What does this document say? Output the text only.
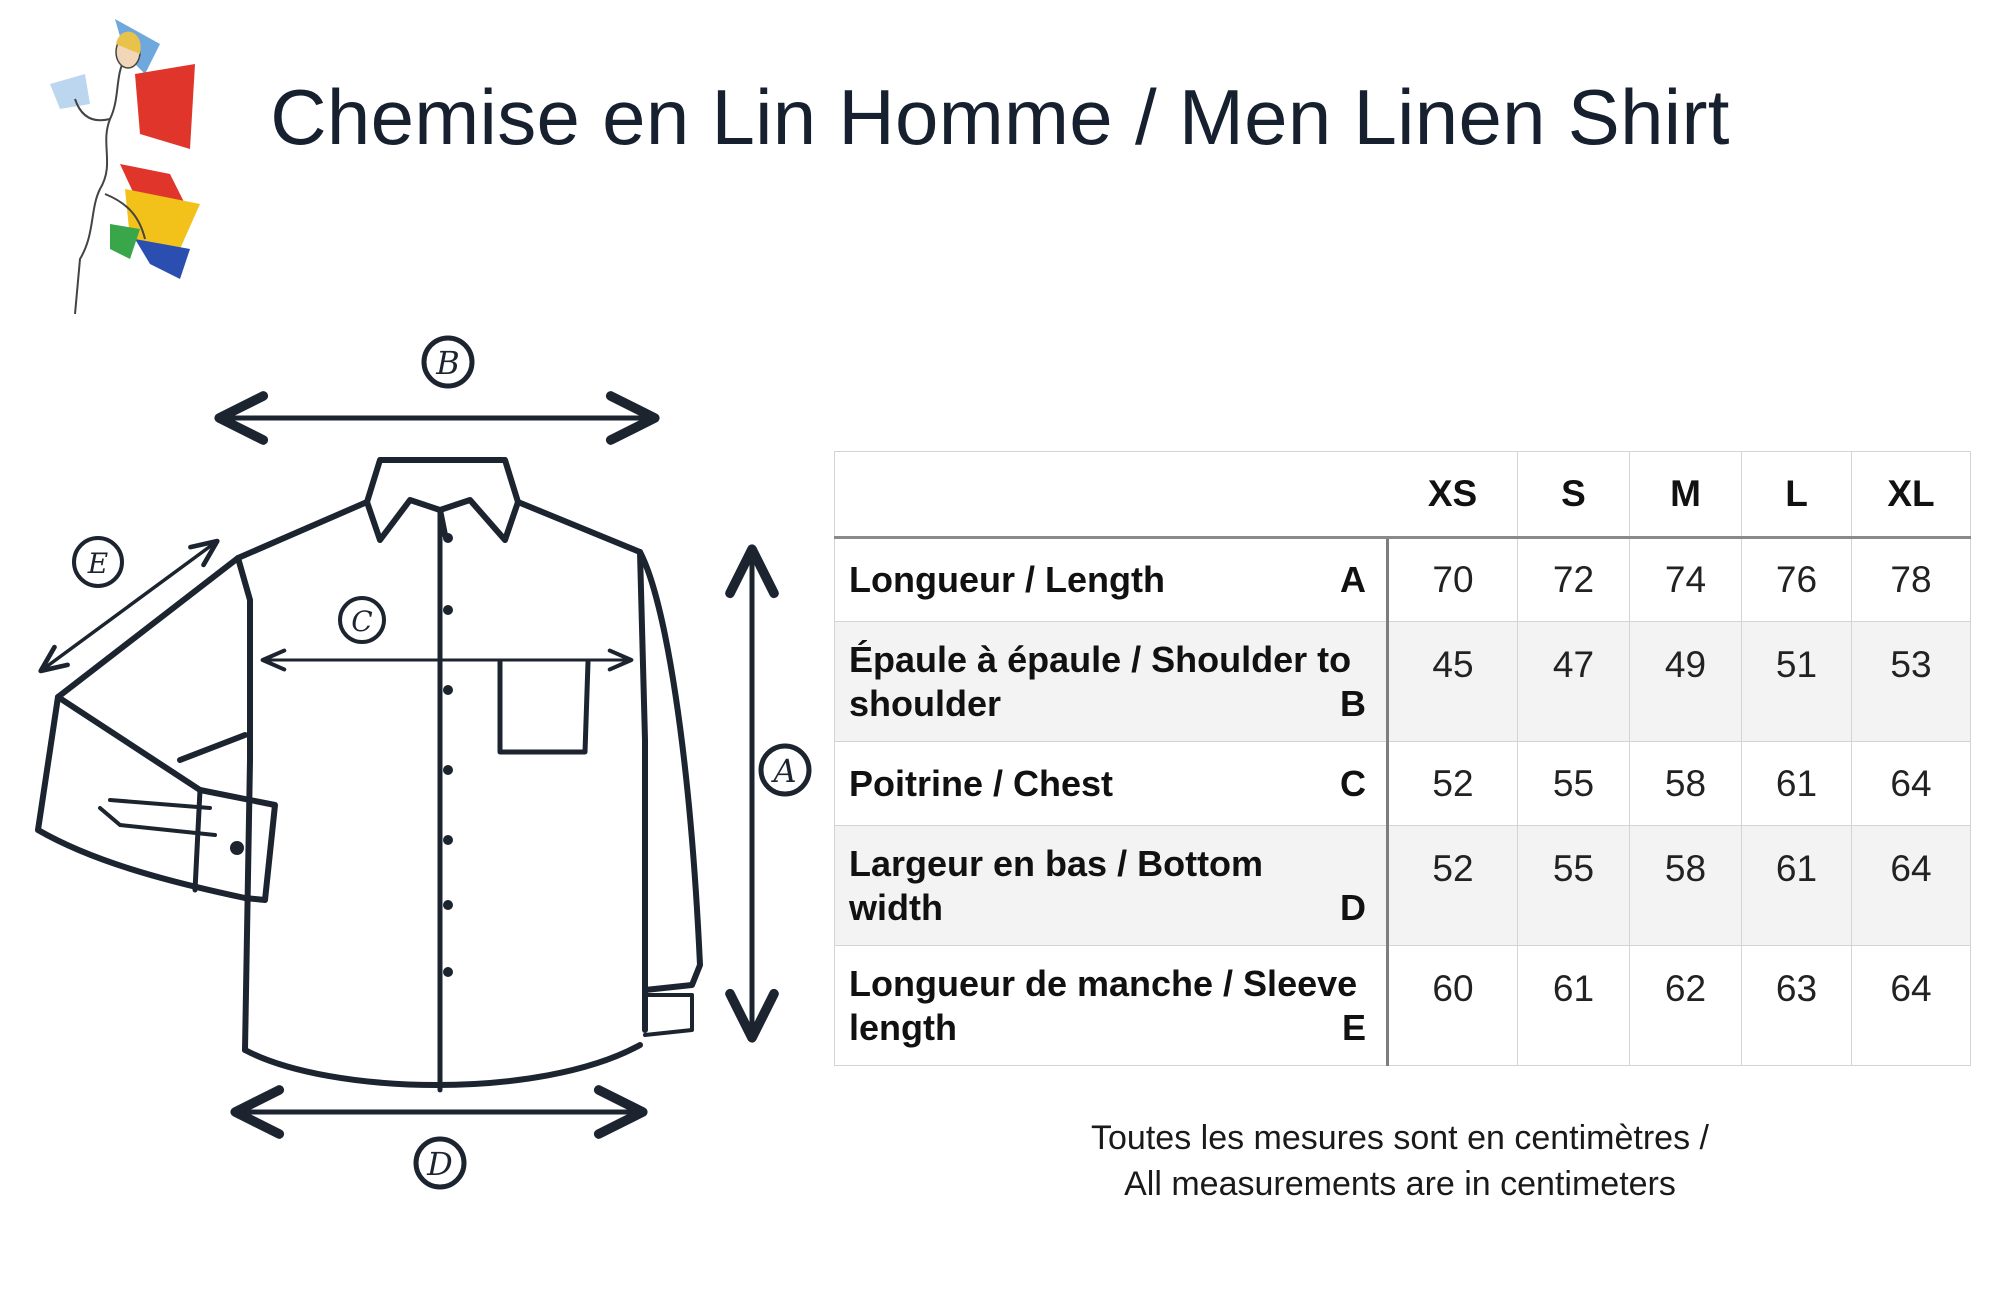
Chemise en Lin Homme / Men Linen Shirt
B
A
C
D
E
	XS	S	M	L	XL

Longueur / Length A	70	72	74	76	78

Épaule à épaule / Shoulder to shoulder B	45	47	49	51	53

Poitrine / Chest C	52	55	58	61	64

Largeur en bas / Bottom width D	52	55	58	61	64

Longueur de manche / Sleeve length E	60	61	62	63	64
Toutes les mesures sont en centimètres /
All measurements are in centimeters
